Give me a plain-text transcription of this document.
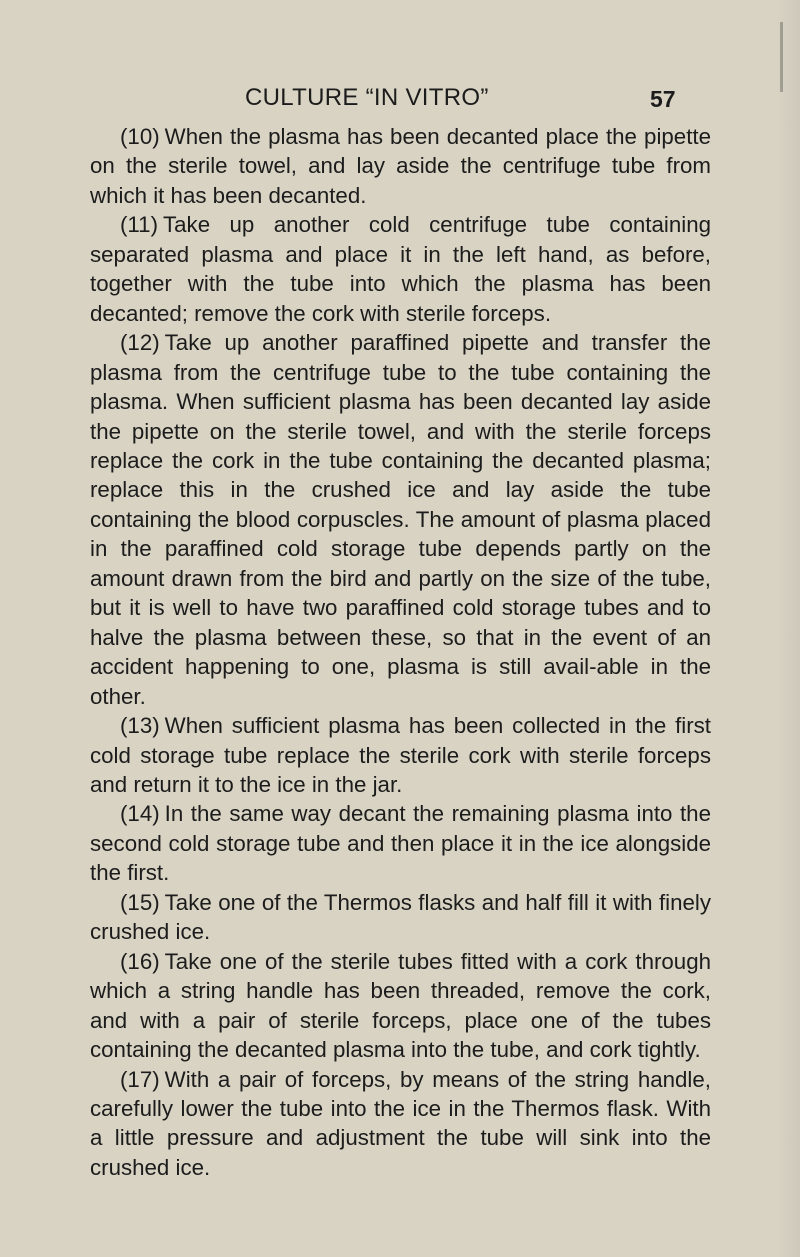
CULTURE “IN VITRO”	57

(10) When the plasma has been decanted place the pipette on the sterile towel, and lay aside the centrifuge tube from which it has been decanted.

(11) Take up another cold centrifuge tube containing separated plasma and place it in the left hand, as before, together with the tube into which the plasma has been decanted; remove the cork with sterile forceps.

(12) Take up another paraffined pipette and transfer the plasma from the centrifuge tube to the tube containing the plasma. When sufficient plasma has been decanted lay aside the pipette on the sterile towel, and with the sterile forceps replace the cork in the tube containing the decanted plasma; replace this in the crushed ice and lay aside the tube containing the blood corpuscles. The amount of plasma placed in the paraffined cold storage tube depends partly on the amount drawn from the bird and partly on the size of the tube, but it is well to have two paraffined cold storage tubes and to halve the plasma between these, so that in the event of an accident happening to one, plasma is still avail-able in the other.

(13) When sufficient plasma has been collected in the first cold storage tube replace the sterile cork with sterile forceps and return it to the ice in the jar.

(14) In the same way decant the remaining plasma into the second cold storage tube and then place it in the ice alongside the first.

(15) Take one of the Thermos flasks and half fill it with finely crushed ice.

(16) Take one of the sterile tubes fitted with a cork through which a string handle has been threaded, remove the cork, and with a pair of sterile forceps, place one of the tubes containing the decanted plasma into the tube, and cork tightly.

(17) With a pair of forceps, by means of the string handle, carefully lower the tube into the ice in the Thermos flask. With a little pressure and adjustment the tube will sink into the crushed ice.
